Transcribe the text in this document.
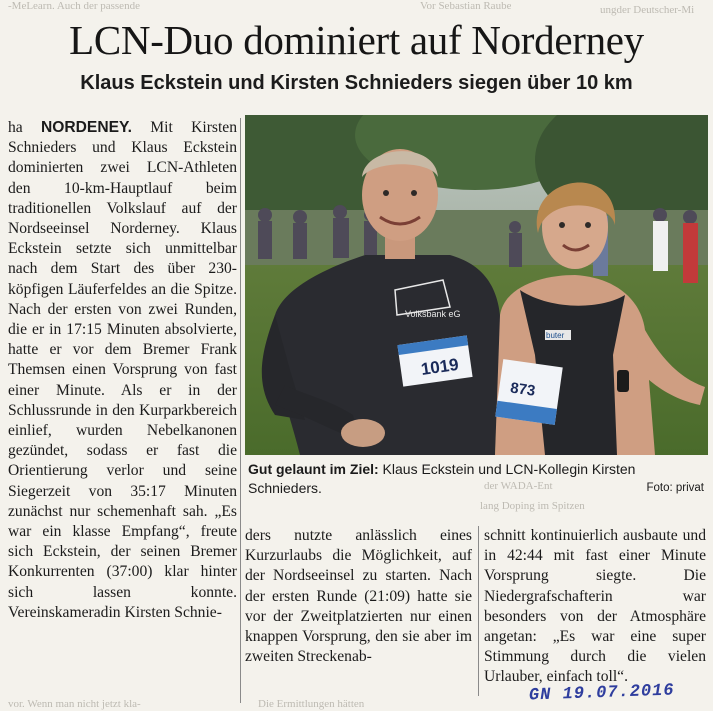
-MeLearn. Auch der passende	Vor Sebastian Raube	ungder Deutscher-Mi
LCN-Duo dominiert auf Norderney
Klaus Eckstein und Kirsten Schnieders siegen über 10 km
ha NORDENEY. Mit Kirsten Schnieders und Klaus Eckstein dominierten zwei LCN-Athleten den 10-km-Hauptlauf beim traditionellen Volkslauf auf der Nordseeinsel Norderney. Klaus Eckstein setzte sich unmittelbar nach dem Start des über 230-köpfigen Läuferfeldes an die Spitze. Nach der ersten von zwei Runden, die er in 17:15 Minuten absolvierte, hatte er vor dem Bremer Frank Themsen einen Vorsprung von fast einer Minute. Als er in der Schlussrunde in den Kurparkbereich einlief, wurden Nebelkanonen gezündet, sodass er fast die Orientierung verlor und seine Siegerzeit von 35:17 Minuten zunächst nur schemenhaft sah. „Es war ein klasse Empfang“, freute sich Eckstein, der seinen Bremer Konkurrenten (37:00) klar hinter sich lassen konnte. Vereinskameradin Kirsten Schnie-
Volksbank eG
1019
buter
873
Gut gelaunt im Ziel: Klaus Eckstein und LCN-Kollegin Kirsten Schnieders.	Foto: privat
der WADA-Ent
lang Doping im Spitzen
ders nutzte anlässlich eines Kurzurlaubs die Möglichkeit, auf der Nordseeinsel zu starten. Nach der ersten Runde (21:09) hatte sie vor der Zweitplatzierten nur einen knappen Vorsprung, den sie aber im zweiten Streckenab-
schnitt kontinuierlich ausbaute und in 42:44 mit fast einer Minute Vorsprung siegte. Die Niedergrafschafterin war besonders von der Atmosphäre angetan: „Es war eine super Stimmung durch die vielen Urlauber, einfach toll“.
vor. Wenn man nicht jetzt kla-	Die Ermittlungen hätten	GN 19.07.2016
